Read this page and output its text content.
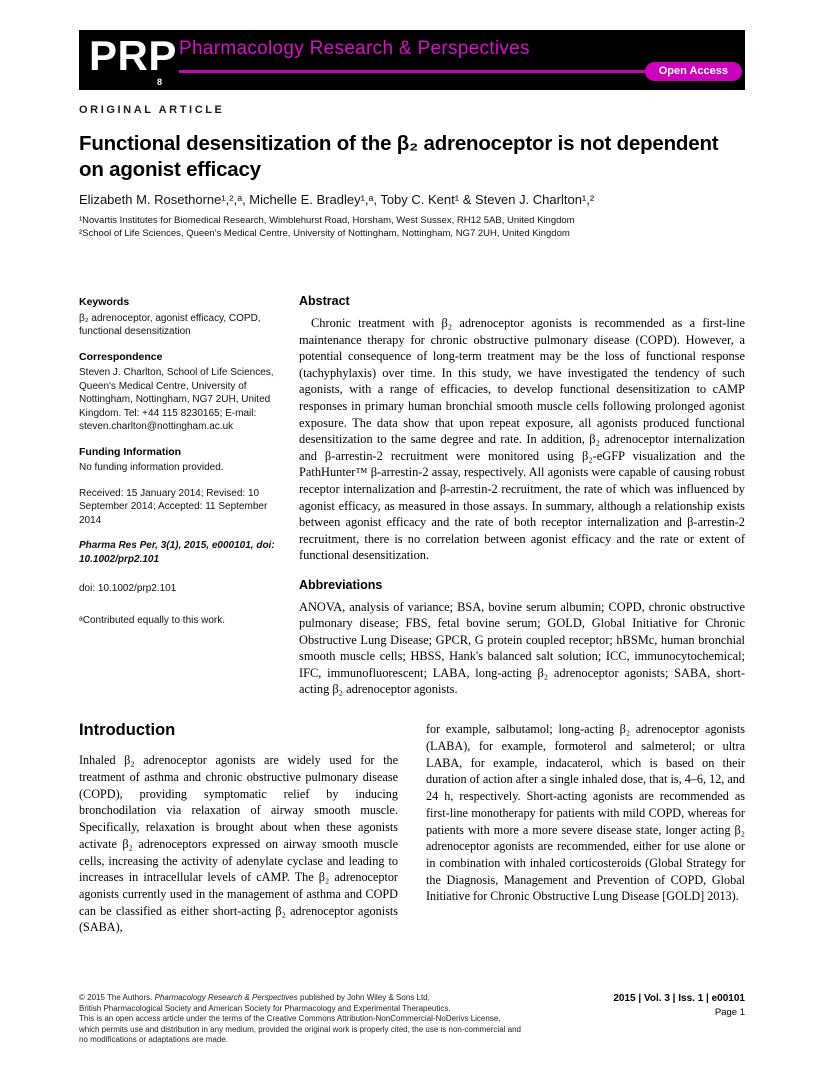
PRP
8
Pharmacology Research & Perspectives
Open Access
ORIGINAL ARTICLE
Functional desensitization of the β₂ adrenoceptor is not dependent on agonist efficacy
Elizabeth M. Rosethorne¹,²,ᵃ, Michelle E. Bradley¹,ᵃ, Toby C. Kent¹ & Steven J. Charlton¹,²
¹Novartis Institutes for Biomedical Research, Wimblehurst Road, Horsham, West Sussex, RH12 5AB, United Kingdom
²School of Life Sciences, Queen's Medical Centre, University of Nottingham, Nottingham, NG7 2UH, United Kingdom
Keywords
β₂ adrenoceptor, agonist efficacy, COPD, functional desensitization
Correspondence
Steven J. Charlton, School of Life Sciences, Queen's Medical Centre, University of Nottingham, Nottingham, NG7 2UH, United Kingdom. Tel: +44 115 8230165; E-mail: steven.charlton@nottingham.ac.uk
Funding Information
No funding information provided.
Received: 15 January 2014; Revised: 10 September 2014; Accepted: 11 September 2014
Pharma Res Per, 3(1), 2015, e000101, doi: 10.1002/prp2.101
doi: 10.1002/prp2.101
ᵃContributed equally to this work.
Abstract

Chronic treatment with β₂ adrenoceptor agonists is recommended as a first-line maintenance therapy for chronic obstructive pulmonary disease (COPD). However, a potential consequence of long-term treatment may be the loss of functional response (tachyphylaxis) over time. In this study, we have investigated the tendency of such agonists, with a range of efficacies, to develop functional desensitization to cAMP responses in primary human bronchial smooth muscle cells following prolonged agonist exposure. The data show that upon repeat exposure, all agonists produced functional desensitization to the same degree and rate. In addition, β₂ adrenoceptor internalization and β-arrestin-2 recruitment were monitored using β₂-eGFP visualization and the PathHunter™ β-arrestin-2 assay, respectively. All agonists were capable of causing robust receptor internalization and β-arrestin-2 recruitment, the rate of which was influenced by agonist efficacy, as measured in those assays. In summary, although a relationship exists between agonist efficacy and the rate of both receptor internalization and β-arrestin-2 recruitment, there is no correlation between agonist efficacy and the rate or extent of functional desensitization.

Abbreviations

ANOVA, analysis of variance; BSA, bovine serum albumin; COPD, chronic obstructive pulmonary disease; FBS, fetal bovine serum; GOLD, Global Initiative for Chronic Obstructive Lung Disease; GPCR, G protein coupled receptor; hBSMc, human bronchial smooth muscle cells; HBSS, Hank's balanced salt solution; ICC, immunocytochemical; IFC, immunofluorescent; LABA, long-acting β₂ adrenoceptor agonists; SABA, short-acting β₂ adrenoceptor agonists.

Introduction

Inhaled β₂ adrenoceptor agonists are widely used for the treatment of asthma and chronic obstructive pulmonary disease (COPD), providing symptomatic relief by inducing bronchodilation via relaxation of airway smooth muscle. Specifically, relaxation is brought about when these agonists activate β₂ adrenoceptors expressed on airway smooth muscle cells, increasing the activity of adenylate cyclase and leading to increases in intracellular levels of cAMP. The β₂ adrenoceptor agonists currently used in the management of asthma and COPD can be classified as either short-acting β₂ adrenoceptor agonists (SABA),

for example, salbutamol; long-acting β₂ adrenoceptor agonists (LABA), for example, formoterol and salmeterol; or ultra LABA, for example, indacaterol, which is based on their duration of action after a single inhaled dose, that is, 4–6, 12, and 24 h, respectively. Short-acting agonists are recommended as first-line monotherapy for patients with mild COPD, whereas for patients with more a more severe disease state, longer acting β₂ adrenoceptor agonists are recommended, either for use alone or in combination with inhaled corticosteroids (Global Strategy for the Diagnosis, Management and Prevention of COPD, Global Initiative for Chronic Obstructive Lung Disease [GOLD] 2013).

© 2015 The Authors. Pharmacology Research & Perspectives published by John Wiley & Sons Ltd,
British Pharmacological Society and American Society for Pharmacology and Experimental Therapeutics.
This is an open access article under the terms of the Creative Commons Attribution-NonCommercial-NoDerivs License,
which permits use and distribution in any medium, provided the original work is properly cited, the use is non-commercial and
no modifications or adaptations are made.
2015 | Vol. 3 | Iss. 1 | e00101
Page 1
